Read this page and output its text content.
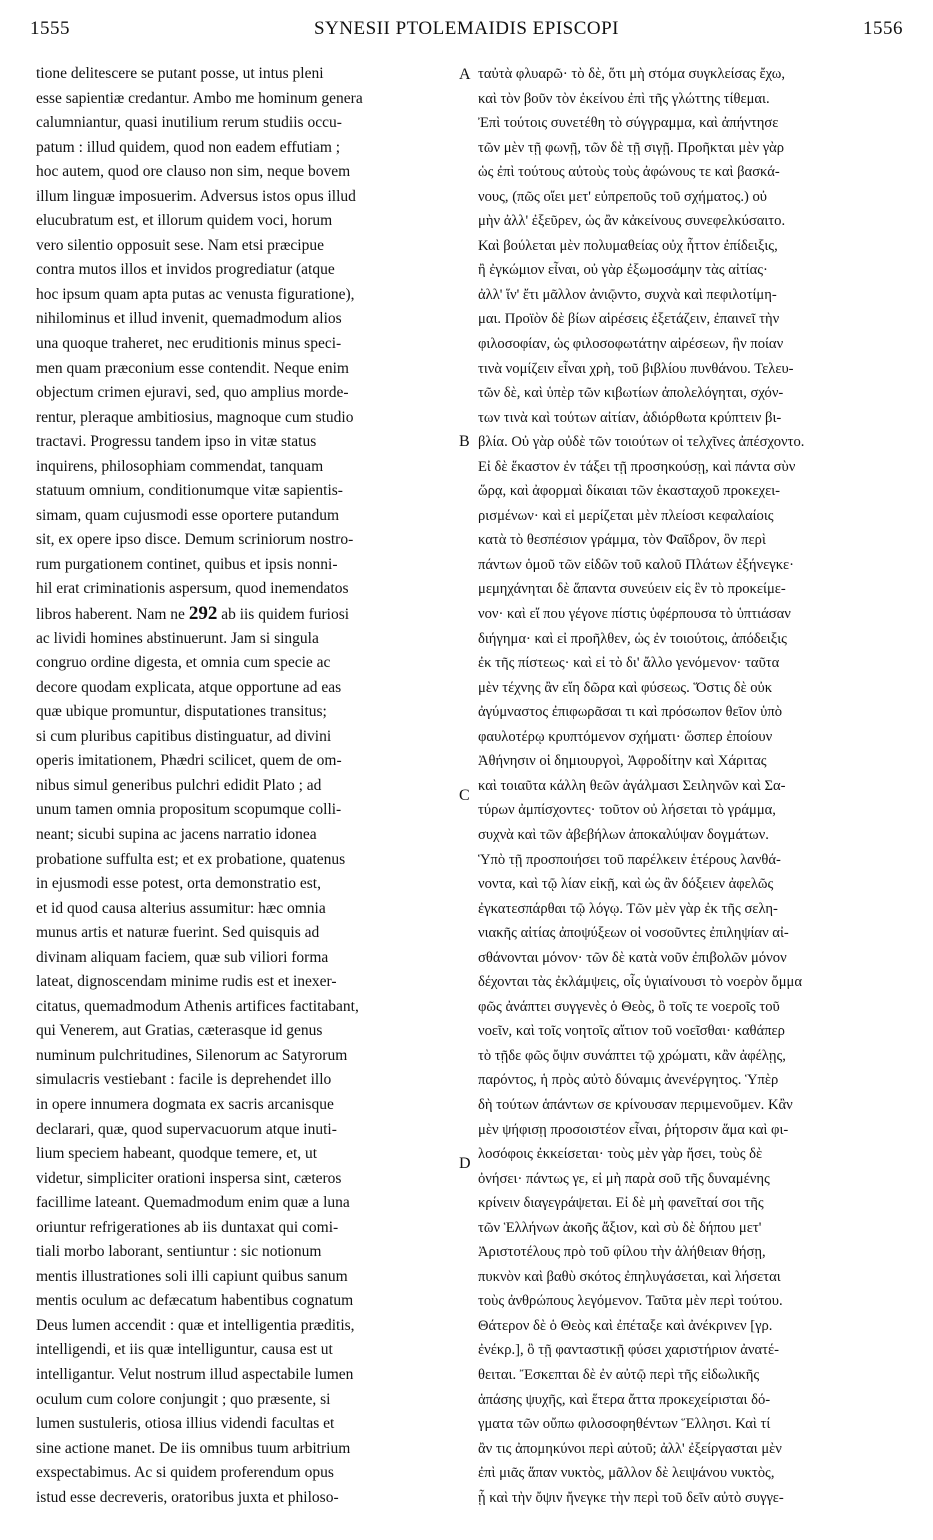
1555	SYNESII PTOLEMAIDIS EPISCOPI	1556
tione delitescere se putant posse, ut intus pleni
esse sapientiæ credantur. Ambo me hominum genera
calumniantur, quasi inutilium rerum studiis occu-
patum : illud quidem, quod non eadem effutiam ;
hoc autem, quod ore clauso non sim, neque bovem
illum linguæ imposuerim. Adversus istos opus illud
elucubratum est, et illorum quidem voci, horum
vero silentio opposuit sese. Nam etsi præcipue
contra mutos illos et invidos progrediatur (atque
hoc ipsum quam apta putas ac venusta figuratione),
nihilominus et illud invenit, quemadmodum alios
una quoque traheret, nec eruditionis minus speci-
men quam præconium esse contendit. Neque enim
objectum crimen ejuravi, sed, quo amplius morde-
rentur, pleraque ambitiosius, magnoque cum studio
tractavi. Progressu tandem ipso in vitæ status
inquirens, philosophiam commendat, tanquam
statuum omnium, conditionumque vitæ sapientis-
simam, quam cujusmodi esse oportere putandum
sit, ex opere ipso disce. Demum scriniorum nostro-
rum purgationem continet, quibus et ipsis nonni-
hil erat criminationis aspersum, quod inemendatos
libros haberent. Nam ne 292 ab iis quidem furiosi
ac lividi homines abstinuerunt. Jam si singula
congruo ordine digesta, et omnia cum specie ac
decore quodam explicata, atque opportune ad eas
quæ ubique promuntur, disputationes transitus;
si cum pluribus capitibus distinguatur, ad divini
operis imitationem, Phædri scilicet, quem de om-
nibus simul generibus pulchri edidit Plato ; ad
unum tamen omnia propositum scopumque colli-
neant; sicubi supina ac jacens narratio idonea
probatione suffulta est; et ex probatione, quatenus
in ejusmodi esse potest, orta demonstratio est,
et id quod causa alterius assumitur: hæc omnia
munus artis et naturæ fuerint. Sed quisquis ad
divinam aliquam faciem, quæ sub viliori forma
lateat, dignoscendam minime rudis est et inexer-
citatus, quemadmodum Athenis artifices factitabant,
qui Venerem, aut Gratias, cæterasque id genus
numinum pulchritudines, Silenorum ac Satyrorum
simulacris vestiebant : facile is deprehendet illo
in opere innumera dogmata ex sacris arcanisque
declarari, quæ, quod supervacuorum atque inuti-
lium speciem habeant, quodque temere, et, ut
videtur, simpliciter orationi inspersa sint, cæteros
facillime lateant. Quemadmodum enim quæ a luna
oriuntur refrigerationes ab iis duntaxat qui comi-
tiali morbo laborant, sentiuntur : sic notionum
mentis illustrationes soli illi capiunt quibus sanum
mentis oculum ac defæcatum habentibus cognatum
Deus lumen accendit : quæ et intelligentia præditis,
intelligendi, et iis quæ intelliguntur, causa est ut
intelligantur. Velut nostrum illud aspectabile lumen
oculum cum colore conjungit ; quo præsente, si
lumen sustuleris, otiosa illius videndi facultas et
sine actione manet. De iis omnibus tuum arbitrium
exspectabimus. Ac si quidem proferendum opus
istud esse decreveris, oratoribus juxta et philoso-
A
B
C
D
ταὐτὰ φλυαρῶ· τὸ δὲ, ὅτι μὴ στόμα συγκλείσας ἔχω,
καὶ τὸν βοῦν τὸν ἐκείνου ἐπὶ τῆς γλώττης τίθεμαι.
Ἐπὶ τούτοις συνετέθη τὸ σύγγραμμα, καὶ ἀπήντησε
τῶν μὲν τῇ φωνῇ, τῶν δὲ τῇ σιγῇ. Προῆκται μὲν γὰρ
ὡς ἐπὶ τούτους αὐτοὺς τοὺς ἀφώνους τε καὶ βασκά-
νους, (πῶς οἴει μετ' εὐπρεποῦς τοῦ σχήματος.) οὐ
μὴν ἀλλ' ἐξεῦρεν, ὡς ἂν κἀκείνους συνεφελκύσαιτο.
Καὶ βούλεται μὲν πολυμαθείας οὐχ ἧττον ἐπίδειξις,
ἢ ἐγκώμιον εἶναι, οὐ γὰρ ἐξωμοσάμην τὰς αἰτίας·
ἀλλ' ἵν' ἔτι μᾶλλον ἀνιῷντο, συχνὰ καὶ πεφιλοτίμη-
μαι. Προϊὸν δὲ βίων αἱρέσεις ἐξετάζειν, ἐπαινεῖ τὴν
φιλοσοφίαν, ὡς φιλοσοφωτάτην αἱρέσεων, ἣν ποίαν
τινὰ νομίζειν εἶναι χρὴ, τοῦ βιβλίου πυνθάνου. Τελευ-
τῶν δὲ, καὶ ὑπὲρ τῶν κιβωτίων ἀπολελόγηται, σχόν-
των τινὰ καὶ τούτων αἰτίαν, ἀδιόρθωτα κρύπτειν βι-
βλία. Οὐ γὰρ οὐδὲ τῶν τοιούτων οἱ τελχῖνες ἀπέσχοντο.
Εἰ δὲ ἕκαστον ἐν τάξει τῇ προσηκούσῃ, καὶ πάντα σὺν
ὥρᾳ, καὶ ἀφορμαὶ δίκαιαι τῶν ἑκασταχοῦ προκεχει-
ρισμένων· καὶ εἰ μερίζεται μὲν πλείοσι κεφαλαίοις
κατὰ τὸ θεσπέσιον γράμμα, τὸν Φαῖδρον, ὃν περὶ
πάντων ὁμοῦ τῶν εἰδῶν τοῦ καλοῦ Πλάτων ἐξήνεγκε·
μεμηχάνηται δὲ ἅπαντα συνεύειν εἰς ἓν τὸ προκείμε-
νον· καὶ εἴ που γέγονε πίστις ὑφέρπουσα τὸ ὑπτιάσαν
διήγημα· καὶ εἰ προῆλθεν, ὡς ἐν τοιούτοις, ἀπόδειξις
ἐκ τῆς πίστεως· καὶ εἰ τὸ δι' ἄλλο γενόμενον· ταῦτα
μὲν τέχνης ἂν εἴη δῶρα καὶ φύσεως. Ὅστις δὲ οὐκ
ἀγύμναστος ἐπιφωρᾶσαι τι καὶ πρόσωπον θεῖον ὑπὸ
φαυλοτέρῳ κρυπτόμενον σχήματι· ὥσπερ ἐποίουν
Ἀθήνησιν οἱ δημιουργοὶ, Ἀφροδίτην καὶ Χάριτας
καὶ τοιαῦτα κάλλη θεῶν ἀγάλμασι Σειληνῶν καὶ Σα-
τύρων ἀμπίσχοντες· τοῦτον οὐ λήσεται τὸ γράμμα,
συχνὰ καὶ τῶν ἀβεβήλων ἀποκαλύψαν δογμάτων.
Ὑπὸ τῇ προσποιήσει τοῦ παρέλκειν ἑτέρους λανθά-
νοντα, καὶ τῷ λίαν εἰκῇ, καὶ ὡς ἂν δόξειεν ἀφελῶς
ἐγκατεσπάρθαι τῷ λόγῳ. Τῶν μὲν γὰρ ἐκ τῆς σελη-
νιακῆς αἰτίας ἀποψύξεων οἱ νοσοῦντες ἐπιληψίαν αἰ-
σθάνονται μόνον· τῶν δὲ κατὰ νοῦν ἐπιβολῶν μόνον
δέχονται τὰς ἐκλάμψεις, οἷς ὑγιαίνουσι τὸ νοερὸν ὄμμα
φῶς ἀνάπτει συγγενὲς ὁ Θεὸς, ὃ τοῖς τε νοεροῖς τοῦ
νοεῖν, καὶ τοῖς νοητοῖς αἴτιον τοῦ νοεῖσθαι· καθάπερ
τὸ τῇδε φῶς ὄψιν συνάπτει τῷ χρώματι, κἂν ἀφέλῃς,
παρόντος, ἡ πρὸς αὐτὸ δύναμις ἀνενέργητος. Ὑπὲρ
δὴ τούτων ἁπάντων σε κρίνουσαν περιμενοῦμεν. Κἂν
μὲν ψήφισῃ προσοιστέον εἶναι, ῥήτορσιν ἅμα καὶ φι-
λοσόφοις ἐκκείσεται· τοὺς μὲν γὰρ ἥσει, τοὺς δὲ
ὀνήσει· πάντως γε, εἰ μὴ παρὰ σοῦ τῆς δυναμένης
κρίνειν διαγεγράψεται. Εἰ δὲ μὴ φανεῖταί σοι τῆς
τῶν Ἑλλήνων ἀκοῆς ἄξιον, καὶ σὺ δὲ δήπου μετ'
Ἀριστοτέλους πρὸ τοῦ φίλου τὴν ἀλήθειαν θήσῃ,
πυκνὸν καὶ βαθὺ σκότος ἐπηλυγάσεται, καὶ λήσεται
τοὺς ἀνθρώπους λεγόμενον. Ταῦτα μὲν περὶ τούτου.
Θάτερον δὲ ὁ Θεὸς καὶ ἐπέταξε καὶ ἀνέκρινεν [γρ.
ἐνέκρ.], ὃ τῇ φανταστικῇ φύσει χαριστήριον ἀνατέ-
θειται. Ἔσκεπται δὲ ἐν αὐτῷ περὶ τῆς εἰδωλικῆς
ἁπάσης ψυχῆς, καὶ ἕτερα ἄττα προκεχείρισται δό-
γματα τῶν οὔπω φιλοσοφηθέντων Ἕλλησι. Καὶ τί
ἂν τις ἀπομηκύνοι περὶ αὐτοῦ; ἀλλ' ἐξείργασται μὲν
ἐπὶ μιᾶς ἅπαν νυκτὸς, μᾶλλον δὲ λειψάνου νυκτὸς,
ᾗ καὶ τὴν ὄψιν ἤνεγκε τὴν περὶ τοῦ δεῖν αὐτὸ συγγε-
